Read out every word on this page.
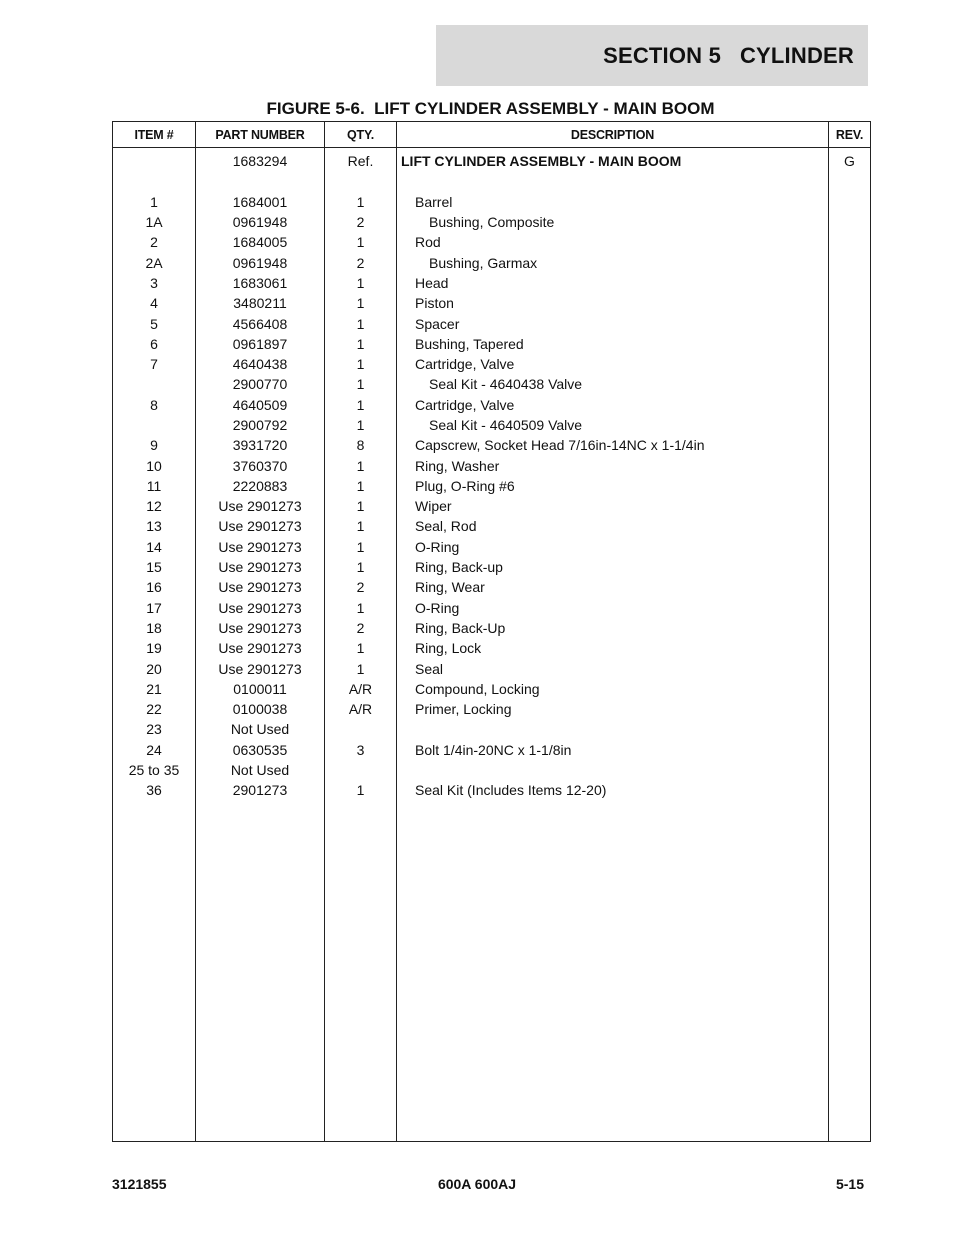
SECTION 5   CYLINDER
FIGURE 5-6.  LIFT CYLINDER ASSEMBLY - MAIN BOOM
ITEM #	PART NUMBER	QTY.	DESCRIPTION	REV.
	1683294	Ref.	LIFT CYLINDER ASSEMBLY - MAIN BOOM	G

1	1684001	1	Barrel	
1A	0961948	2	Bushing, Composite	
2	1684005	1	Rod	
2A	0961948	2	Bushing, Garmax	
3	1683061	1	Head	
4	3480211	1	Piston	
5	4566408	1	Spacer	
6	0961897	1	Bushing, Tapered	
7	4640438	1	Cartridge, Valve	
	2900770	1	Seal Kit - 4640438 Valve	
8	4640509	1	Cartridge, Valve	
	2900792	1	Seal Kit - 4640509 Valve	
9	3931720	8	Capscrew, Socket Head 7/16in-14NC x 1-1/4in	
10	3760370	1	Ring, Washer	
11	2220883	1	Plug, O-Ring #6	
12	Use 2901273	1	Wiper	
13	Use 2901273	1	Seal, Rod	
14	Use 2901273	1	O-Ring	
15	Use 2901273	1	Ring, Back-up	
16	Use 2901273	2	Ring, Wear	
17	Use 2901273	1	O-Ring	
18	Use 2901273	2	Ring, Back-Up	
19	Use 2901273	1	Ring, Lock	
20	Use 2901273	1	Seal	
21	0100011	A/R	Compound, Locking	
22	0100038	A/R	Primer, Locking	
23	Not Used			
24	0630535	3	Bolt 1/4in-20NC x 1-1/8in	
25 to 35	Not Used			
36	2901273	1	Seal Kit (Includes Items 12-20)	

3121855	600A 600AJ	5-15
